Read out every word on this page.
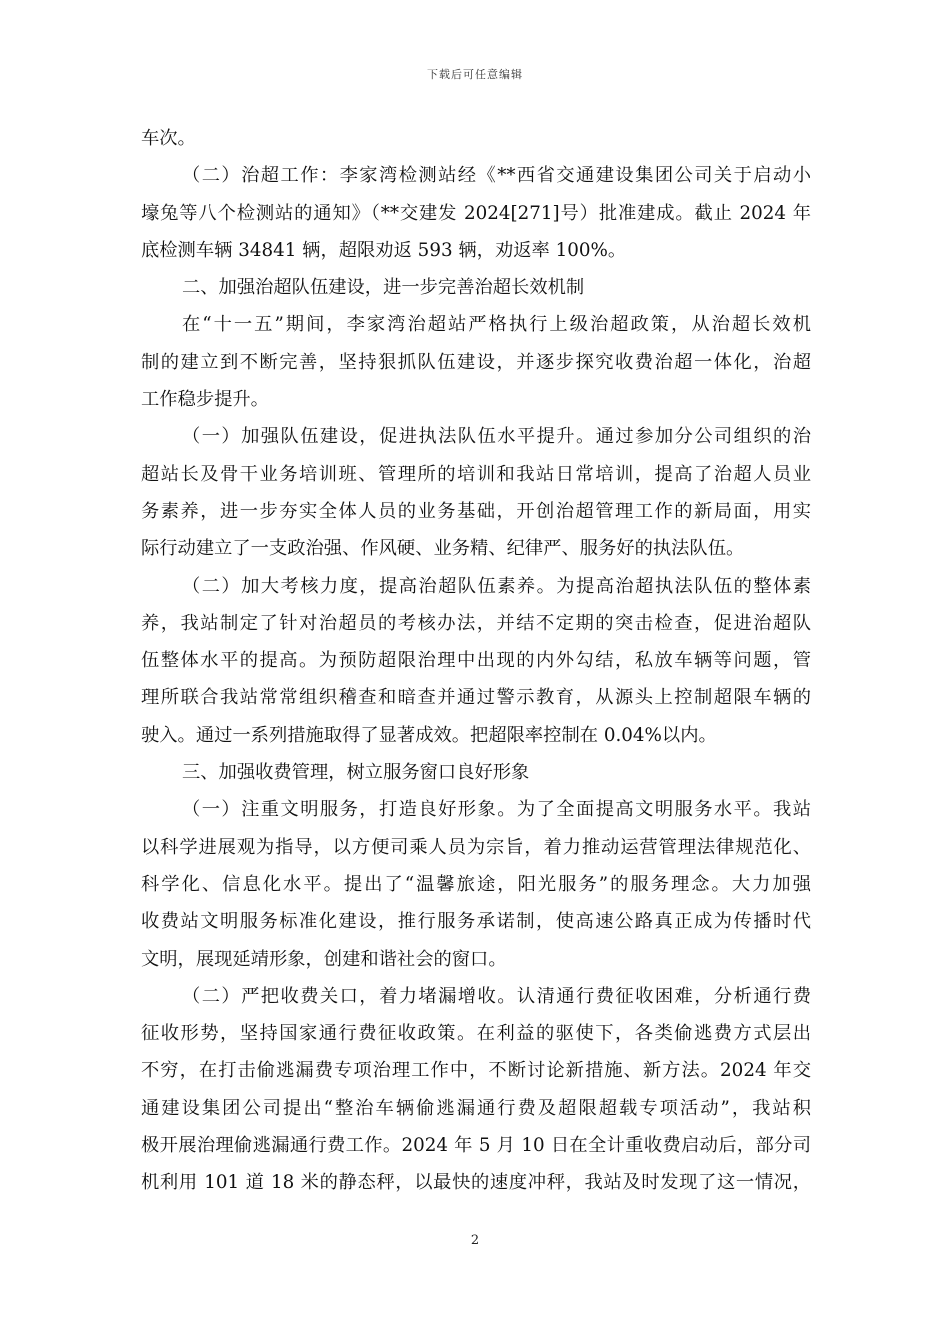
下载后可任意编辑
车次。
（二）治超工作：李家湾检测站经《**西省交通建设集团公司关于启动小
壕兔等八个检测站的通知》（**交建发 2024[271]号）批准建成。截止 2024 年
底检测车辆 34841 辆，超限劝返 593 辆，劝返率 100%。
二、加强治超队伍建设，进一步完善治超长效机制
在“十一五”期间，李家湾治超站严格执行上级治超政策，从治超长效机
制的建立到不断完善，坚持狠抓队伍建设，并逐步探究收费治超一体化，治超
工作稳步提升。
（一）加强队伍建设，促进执法队伍水平提升。通过参加分公司组织的治
超站长及骨干业务培训班、管理所的培训和我站日常培训，提高了治超人员业
务素养，进一步夯实全体人员的业务基础，开创治超管理工作的新局面，用实
际行动建立了一支政治强、作风硬、业务精、纪律严、服务好的执法队伍。
（二）加大考核力度，提高治超队伍素养。为提高治超执法队伍的整体素
养，我站制定了针对治超员的考核办法，并结不定期的突击检查，促进治超队
伍整体水平的提高。为预防超限治理中出现的内外勾结，私放车辆等问题，管
理所联合我站常常组织稽查和暗查并通过警示教育，从源头上控制超限车辆的
驶入。通过一系列措施取得了显著成效。把超限率控制在 0.04%以内。
三、加强收费管理，树立服务窗口良好形象
（一）注重文明服务，打造良好形象。为了全面提高文明服务水平。我站
以科学进展观为指导，以方便司乘人员为宗旨，着力推动运营管理法律规范化、
科学化、信息化水平。提出了“温馨旅途，阳光服务”的服务理念。大力加强
收费站文明服务标准化建设，推行服务承诺制，使高速公路真正成为传播时代
文明，展现延靖形象，创建和谐社会的窗口。
（二）严把收费关口，着力堵漏增收。认清通行费征收困难，分析通行费
征收形势，坚持国家通行费征收政策。在利益的驱使下，各类偷逃费方式层出
不穷，在打击偷逃漏费专项治理工作中，不断讨论新措施、新方法。2024 年交
通建设集团公司提出“整治车辆偷逃漏通行费及超限超载专项活动”，我站积
极开展治理偷逃漏通行费工作。2024 年 5 月 10 日在全计重收费启动后，部分司
机利用 101 道 18 米的静态秤，以最快的速度冲秤，我站及时发现了这一情况，
2
